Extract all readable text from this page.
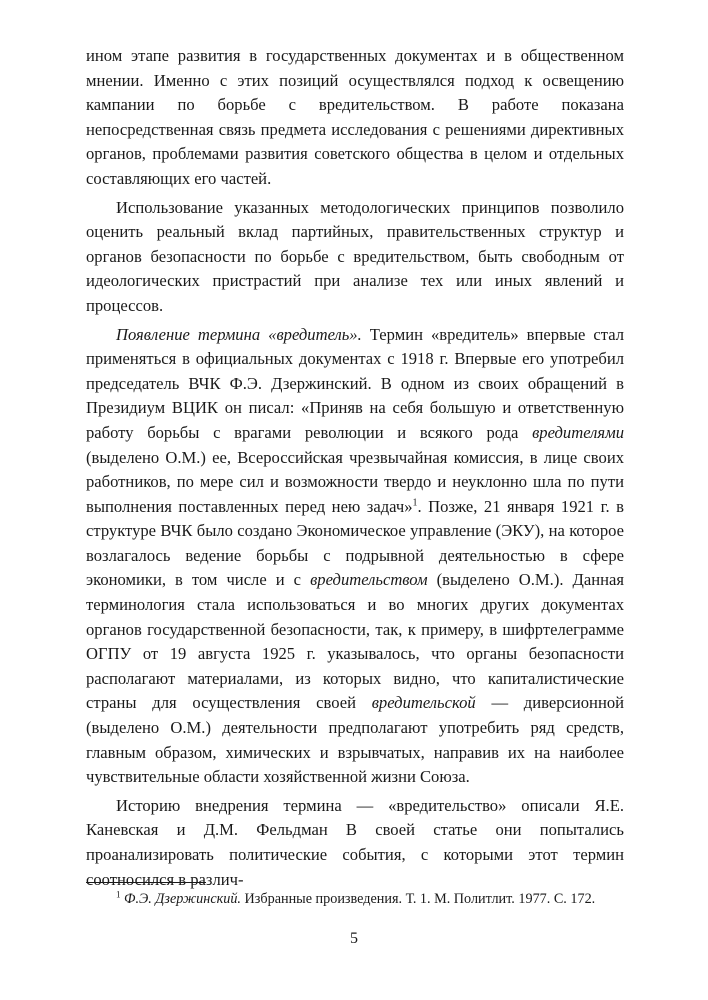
ином этапе развития в государственных документах и в общественном мнении. Именно с этих позиций осуществлялся подход к освещению кампании по борьбе с вредительством. В работе показана непосредственная связь предмета исследования с решениями директивных органов, проблемами развития советского общества в целом и отдельных составляющих его частей.

Использование указанных методологических принципов позволило оценить реальный вклад партийных, правительственных структур и органов безопасности по борьбе с вредительством, быть свободным от идеологических пристрастий при анализе тех или иных явлений и процессов.

Появление термина «вредитель». Термин «вредитель» впервые стал применяться в официальных документах с 1918 г. Впервые его употребил председатель ВЧК Ф.Э. Дзержинский. В одном из своих обращений в Президиум ВЦИК он писал: «Приняв на себя большую и ответственную работу борьбы с врагами революции и всякого рода вредителями (выделено О.М.) ее, Всероссийская чрезвычайная комиссия, в лице своих работников, по мере сил и возможности твердо и неуклонно шла по пути выполнения поставленных перед нею задач»$^1$. Позже, 21 января 1921 г. в структуре ВЧК было создано Экономическое управление (ЭКУ), на которое возлагалось ведение борьбы с подрывной деятельностью в сфере экономики, в том числе и с вредительством (выделено О.М.). Данная терминология стала использоваться и во многих других документах органов государственной безопасности, так, к примеру, в шифртелеграмме ОГПУ от 19 августа 1925 г. указывалось, что органы безопасности располагают материалами, из которых видно, что капиталистические страны для осуществления своей вредительской — диверсионной (выделено О.М.) деятельности предполагают употребить ряд средств, главным образом, химических и взрывчатых, направив их на наиболее чувствительные области хозяйственной жизни Союза.

Историю внедрения термина — «вредительство» описали Я.Е. Каневская и Д.М. Фельдман В своей статье они попытались проанализировать политические события, с которыми этот термин соотносился в различ-

$^1$ Ф.Э. Дзержинский. Избранные произведения. Т. 1. М. Политлит. 1977. С. 172.

5
